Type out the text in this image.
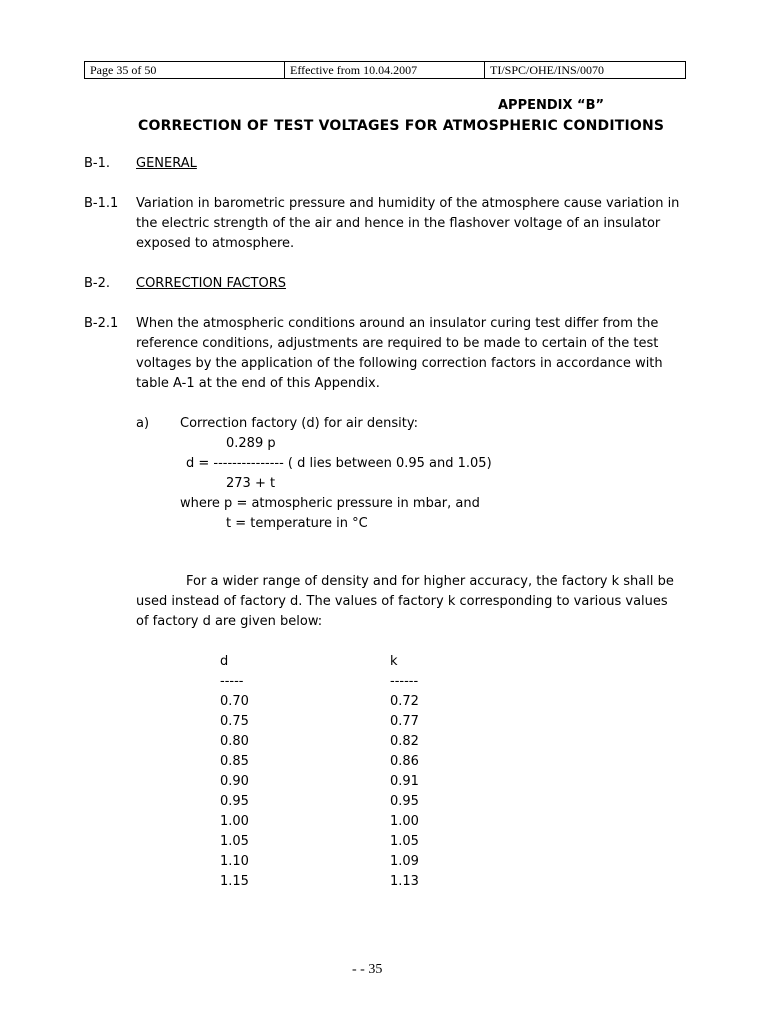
Page 35 of 50	Effective from 10.04.2007	TI/SPC/OHE/INS/0070
APPENDIX “B”
CORRECTION OF TEST VOLTAGES FOR ATMOSPHERIC CONDITIONS
B-1. GENERAL
B-1.1 Variation in barometric pressure and humidity of the atmosphere cause variation in
the electric strength of the air and hence in the flashover voltage of an insulator
exposed to atmosphere.
B-2. CORRECTION FACTORS
B-2.1 When the atmospheric conditions around an insulator curing test differ from the
reference conditions, adjustments are required to be made to certain of the test
voltages by the application of the following correction factors in accordance with
table A-1 at the end of this Appendix.
a) Correction factory (d) for air density:
0.289 p
d = --------------- ( d lies between 0.95 and 1.05)
273 + t
where p = atmospheric pressure in mbar, and
t = temperature in °C
For a wider range of density and for higher accuracy, the factory k shall be
used instead of factory d. The values of factory k corresponding to various values
of factory d are given below:
d	k
-----	------
0.70	0.72
0.75	0.77
0.80	0.82
0.85	0.86
0.90	0.91
0.95	0.95
1.00	1.00
1.05	1.05
1.10	1.09
1.15	1.13
- - 35
